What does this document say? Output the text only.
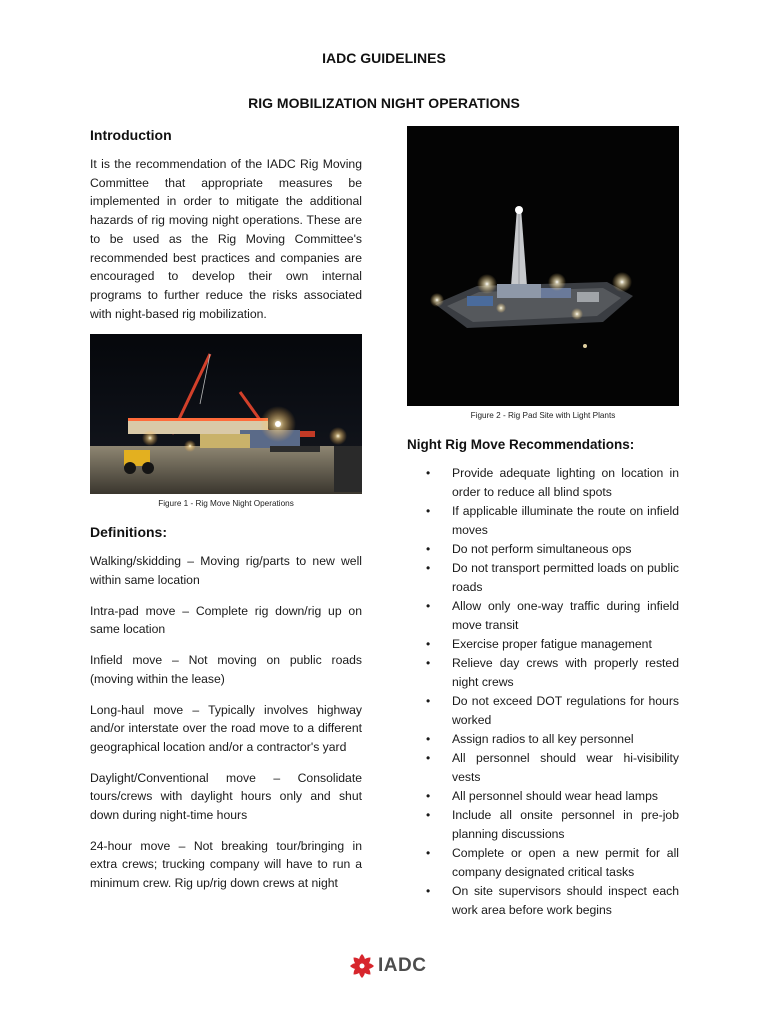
IADC GUIDELINES
RIG MOBILIZATION NIGHT OPERATIONS
Introduction

It is the recommendation of the IADC Rig Moving Committee that appropriate measures be implemented in order to mitigate the additional hazards of rig moving night operations. These are to be used as the Rig Moving Committee's recommended best practices and companies are encouraged to develop their own internal programs to further reduce the risks associated with night-based rig mobilization.

Figure 1 - Rig Move Night Operations
Definitions:

Walking/skidding – Moving rig/parts to new well within same location

Intra-pad move – Complete rig down/rig up on same location

Infield move – Not moving on public roads (moving within the lease)

Long-haul move – Typically involves highway and/or interstate over the road move to a different geographical location and/or a contractor's yard

Daylight/Conventional move – Consolidate tours/crews with daylight hours only and shut down during night-time hours

24-hour move – Not breaking tour/bringing in extra crews; trucking company will have to run a minimum crew. Rig up/rig down crews at night

Figure 2 - Rig Pad Site with Light Plants
Night Rig Move Recommendations:
• Provide adequate lighting on location in order to reduce all blind spots
• If applicable illuminate the route on infield moves
• Do not perform simultaneous ops
• Do not transport permitted loads on public roads
• Allow only one-way traffic during infield move transit
• Exercise proper fatigue management
• Relieve day crews with properly rested night crews
• Do not exceed DOT regulations for hours worked
• Assign radios to all key personnel
• All personnel should wear hi-visibility vests
• All personnel should wear head lamps
• Include all onsite personnel in pre-job planning discussions
• Complete or open a new permit for all company designated critical tasks
• On site supervisors should inspect each work area before work begins
IADC
